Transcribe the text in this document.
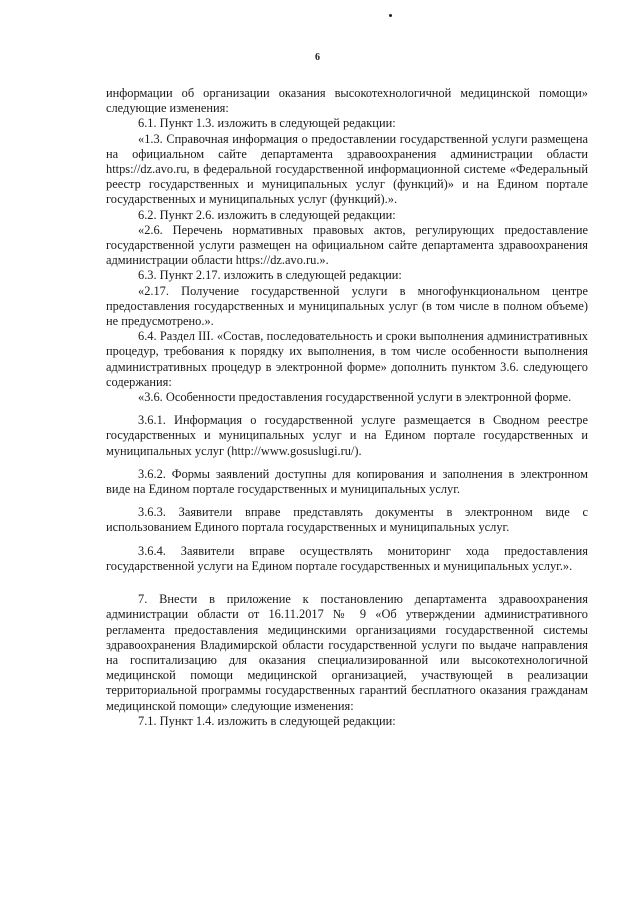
6

информации об организации оказания высокотехнологичной медицинской помощи» следующие изменения:

6.1. Пункт 1.3. изложить в следующей редакции:

«1.3. Справочная информация о предоставлении государственной услуги размещена на официальном сайте департамента здравоохранения администрации области https://dz.avo.ru, в федеральной государственной информационной системе «Федеральный реестр государственных и муниципальных услуг (функций)» и на Едином портале государственных и муниципальных услуг (функций).».

6.2. Пункт 2.6. изложить в следующей редакции:

«2.6. Перечень нормативных правовых актов, регулирующих предоставление государственной услуги размещен на официальном сайте департамента здравоохранения администрации области https://dz.avo.ru.».

6.3. Пункт 2.17. изложить в следующей редакции:

«2.17. Получение государственной услуги в многофункциональном центре предоставления государственных и муниципальных услуг (в том числе в полном объеме) не предусмотрено.».

6.4. Раздел III. «Состав, последовательность и сроки выполнения административных процедур, требования к порядку их выполнения, в том числе особенности выполнения административных процедур в электронной форме» дополнить пунктом 3.6. следующего содержания:

«3.6. Особенности предоставления государственной услуги в электронной форме.

3.6.1. Информация о государственной услуге размещается в Сводном реестре государственных и муниципальных услуг и на Едином портале государственных и муниципальных услуг (http://www.gosuslugi.ru/).

3.6.2. Формы заявлений доступны для копирования и заполнения в электронном виде на Едином портале государственных и муниципальных услуг.

3.6.3. Заявители вправе представлять документы в электронном виде с использованием Единого портала государственных и муниципальных услуг.

3.6.4. Заявители вправе осуществлять мониторинг хода предоставления государственной услуги на Едином портале государственных и муниципальных услуг.».

7. Внести в приложение к постановлению департамента здравоохранения администрации области от 16.11.2017 № 9 «Об утверждении административного регламента предоставления медицинскими организациями государственной системы здравоохранения Владимирской области государственной услуги по выдаче направления на госпитализацию для оказания специализированной или высокотехнологичной медицинской помощи медицинской организацией, участвующей в реализации территориальной программы государственных гарантий бесплатного оказания гражданам медицинской помощи» следующие изменения:

7.1. Пункт 1.4. изложить в следующей редакции:
